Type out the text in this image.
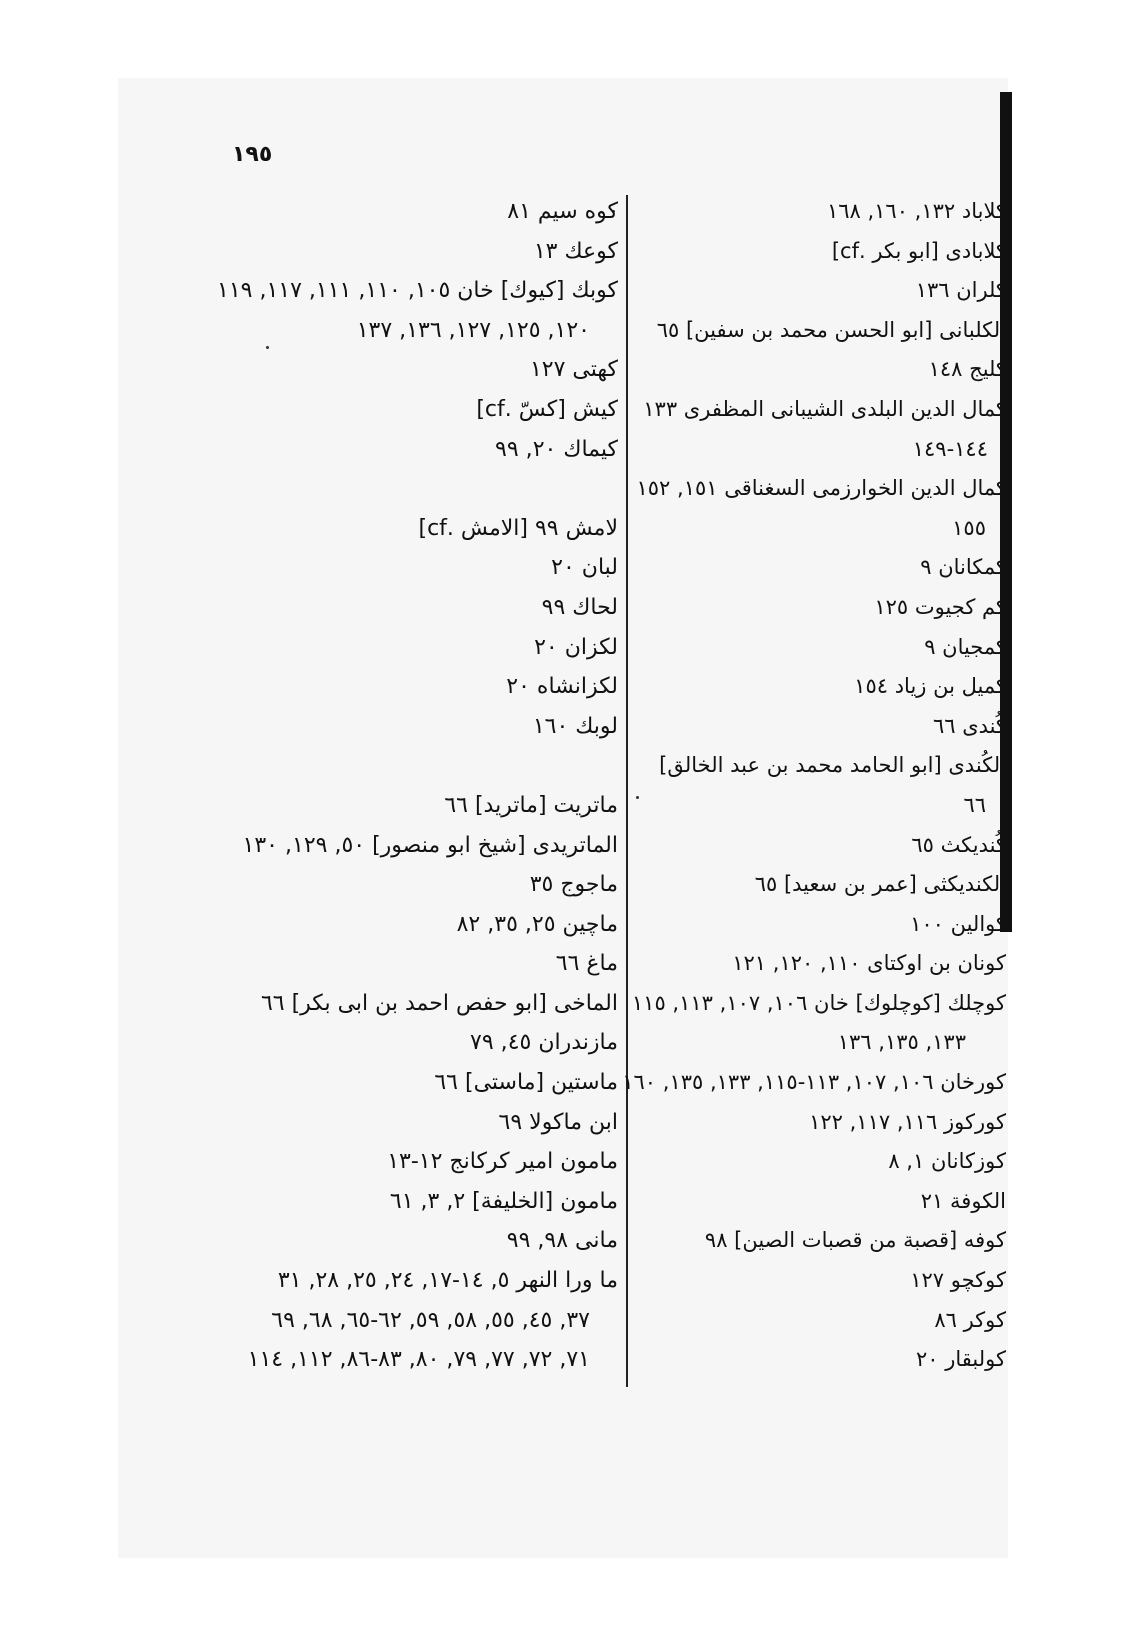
١٩٥
كلاباد ١٣٢, ١٦٠, ١٦٨
كلابادی [ابو بكر .cf]
كلران ١٣٦
الكلبانی [ابو الحسن محمد بن سفين] ٦٥
كليج ١٤٨
كمال الدين البلدی الشيبانی المظفری ١٣٣
١٤٤-١٤٩
كمال الدين الخوارزمی السغناقی ١٥١, ١٥٢
١٥٥
كمكانان ٩
كم كجيوت ١٢٥
كمجيان ٩
كميل بن زياد ١٥٤
كُندی ٦٦
الكُندی [ابو الحامد محمد بن عبد الخالق]
٦٦
كُنديكث ٦٥
الكنديكثی [عمر بن سعيد] ٦٥
كوالين ١٠٠
كونان بن اوكتای ١١٠, ١٢٠, ١٢١
كوچلك [كوچلوك] خان ١٠٦, ١٠٧, ١١٣, ١١٥
١٣٣, ١٣٥, ١٣٦
كورخان ١٠٦, ١٠٧, ١١٣-١١٥, ١٣٣, ١٣٥, ١٦٠
كوركوز ١١٦, ١١٧, ١٢٢
كوزكانان ١, ٨
الكوفة ٢١
كوفه [قصبة من قصبات الصين] ٩٨
كوكچو ١٢٧
كوكر ٨٦
كولبقار ٢٠
كوه سيم ٨١
كوعك ١٣
كوبك [كيوك] خان ١٠٥, ١١٠, ١١١, ١١٧, ١١٩
١٢٠, ١٢٥, ١٢٧, ١٣٦, ١٣٧
كهتی ١٢٧
كيش [كسّ .cf]
كيماك ٢٠, ٩٩
لامش ٩٩ [الامش .cf]
لبان ٢٠
لحاك ٩٩
لكزان ٢٠
لكزانشاه ٢٠
لوبك ١٦٠
ماتريت [ماتريد] ٦٦
الماتريدی [شيخ ابو منصور] ٥٠, ١٢٩, ١٣٠
ماجوج ٣٥
ماچين ٢٥, ٣٥, ٨٢
ماغ ٦٦
الماخی [ابو حفص احمد بن ابی بكر] ٦٦
مازندران ٤٥, ٧٩
ماستين [ماستی] ٦٦
ابن ماكولا ٦٩
مامون امير كركانج ١٢-١٣
مامون [الخليفة] ٢, ٣, ٦١
مانی ٩٨, ٩٩
ما ورا النهر ٥, ١٤-١٧, ٢٤, ٢٥, ٢٨, ٣١
٣٧, ٤٥, ٥٥, ٥٨, ٥٩, ٦٢-٦٥, ٦٨, ٦٩
٧١, ٧٢, ٧٧, ٧٩, ٨٠, ٨٣-٨٦, ١١٢, ١١٤
